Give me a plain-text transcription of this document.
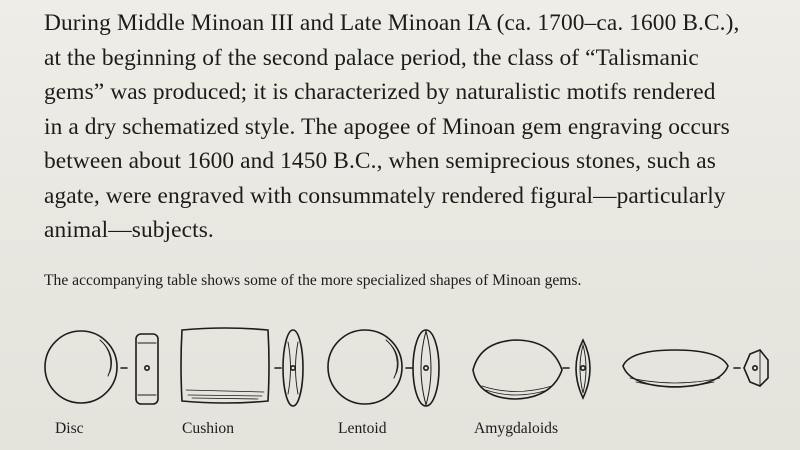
During Middle Minoan III and Late Minoan IA (ca. 1700–ca. 1600 B.C.),
at the beginning of the second palace period, the class of “Talismanic
gems” was produced; it is characterized by naturalistic motifs rendered
in a dry schematized style. The apogee of Minoan gem engraving occurs
between about 1600 and 1450 B.C., when semiprecious stones, such as
agate, were engraved with consummately rendered figural—particularly
animal—subjects.
The accompanying table shows some of the more specialized shapes of Minoan gems.
Disc	Cushion	Lentoid	Amygdaloids
